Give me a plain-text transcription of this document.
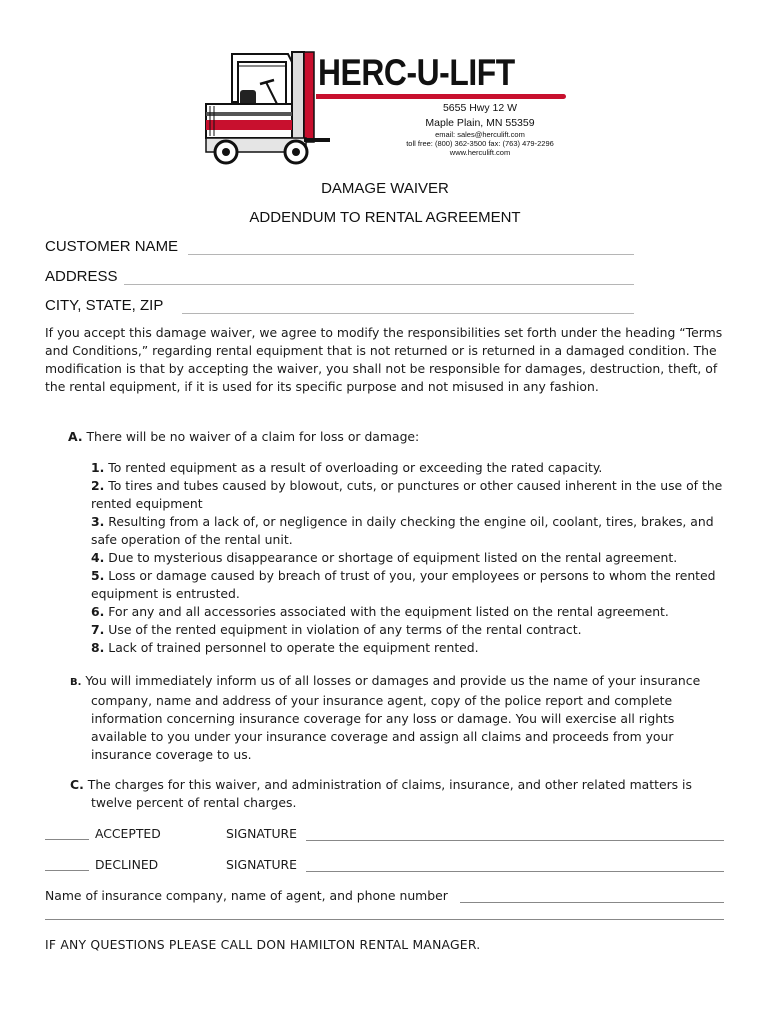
HERC-U-LIFT
5655 Hwy 12 W
Maple Plain, MN 55359
email: sales@herculift.com
toll free: (800) 362-3500 fax: (763) 479-2296
www.herculift.com
DAMAGE WAIVER
ADDENDUM TO RENTAL AGREEMENT
CUSTOMER NAME
ADDRESS
CITY, STATE, ZIP
If you accept this damage waiver, we agree to modify the responsibilities set forth under the heading “Terms and Conditions,” regarding rental equipment that is not returned or is returned in a damaged condition. The modification is that by accepting the waiver, you shall not be responsible for damages, destruction, theft, of the rental equipment, if it is used for its specific purpose and not misused in any fashion.
A. There will be no waiver of a claim for loss or damage:
1. To rented equipment as a result of overloading or exceeding the rated capacity.
2. To tires and tubes caused by blowout, cuts, or punctures or other caused inherent in the use of the rented equipment
3. Resulting from a lack of, or negligence in daily checking the engine oil, coolant, tires, brakes, and safe operation of the rental unit.
4. Due to mysterious disappearance or shortage of equipment listed on the rental agreement.
5. Loss or damage caused by breach of trust of you, your employees or persons to whom the rented equipment is entrusted.
6. For any and all accessories associated with the equipment listed on the rental agreement.
7. Use of the rented equipment in violation of any terms of the rental contract.
8. Lack of trained personnel to operate the equipment rented.
B. You will immediately inform us of all losses or damages and provide us the name of your insurance
company, name and address of your insurance agent, copy of the police report and complete information concerning insurance coverage for any loss or damage. You will exercise all rights available to you under your insurance coverage and assign all claims and proceeds from your insurance coverage to us.
C. The charges for this waiver, and administration of claims, insurance, and other related matters is
twelve percent of rental charges.
ACCEPTED	SIGNATURE
DECLINED	SIGNATURE
Name of insurance company, name of agent, and phone number
IF ANY QUESTIONS PLEASE CALL DON HAMILTON RENTAL MANAGER.
